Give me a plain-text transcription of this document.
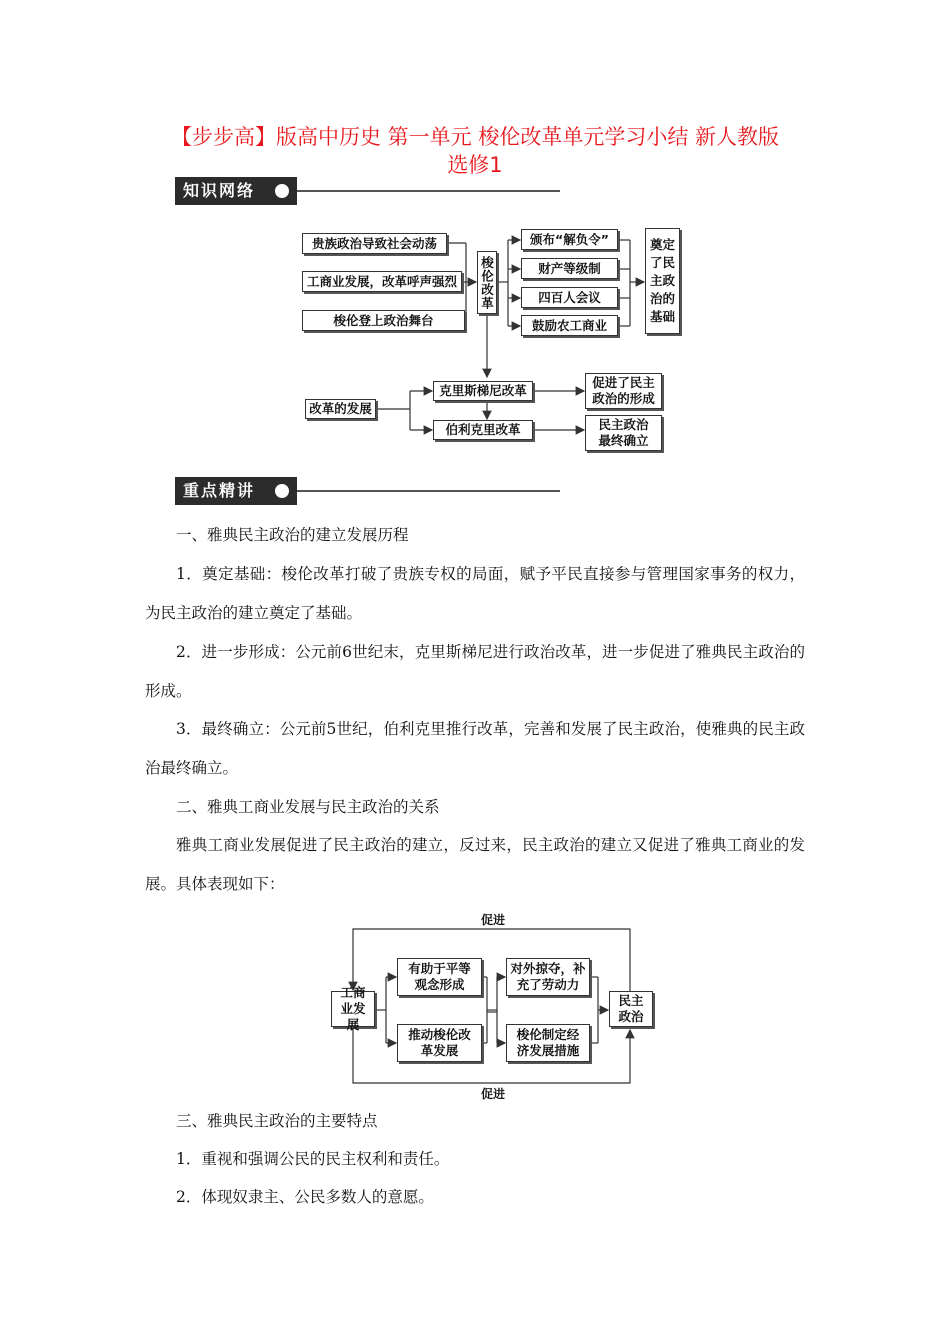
【步步高】版高中历史 第一单元 梭伦改革单元学习小结 新人教版
选修1
知识网络
贵族政治导致社会动荡
工商业发展，改革呼声强烈
梭伦登上政治舞台
梭伦改革
颁布“解负令”
财产等级制
四百人会议
鼓励农工商业
奠定了民主政治的基础
改革的发展
克里斯梯尼改革
伯利克里改革
促进了民主政治的形成
民主政治最终确立
重点精讲
一、雅典民主政治的建立发展历程
1．奠定基础：梭伦改革打破了贵族专权的局面，赋予平民直接参与管理国家事务的权力，为民主政治的建立奠定了基础。
2．进一步形成：公元前6世纪末，克里斯梯尼进行政治改革，进一步促进了雅典民主政治的形成。
3．最终确立：公元前5世纪，伯利克里推行改革，完善和发展了民主政治，使雅典的民主政治最终确立。
二、雅典工商业发展与民主政治的关系
雅典工商业发展促进了民主政治的建立，反过来，民主政治的建立又促进了雅典工商业的发展。具体表现如下：
促进
促进
工商业发展
民主政治
有助于平等观念形成
推动梭伦改革发展
对外掠夺，补充了劳动力
梭伦制定经济发展措施
三、雅典民主政治的主要特点
1．重视和强调公民的民主权利和责任。
2．体现奴隶主、公民多数人的意愿。
